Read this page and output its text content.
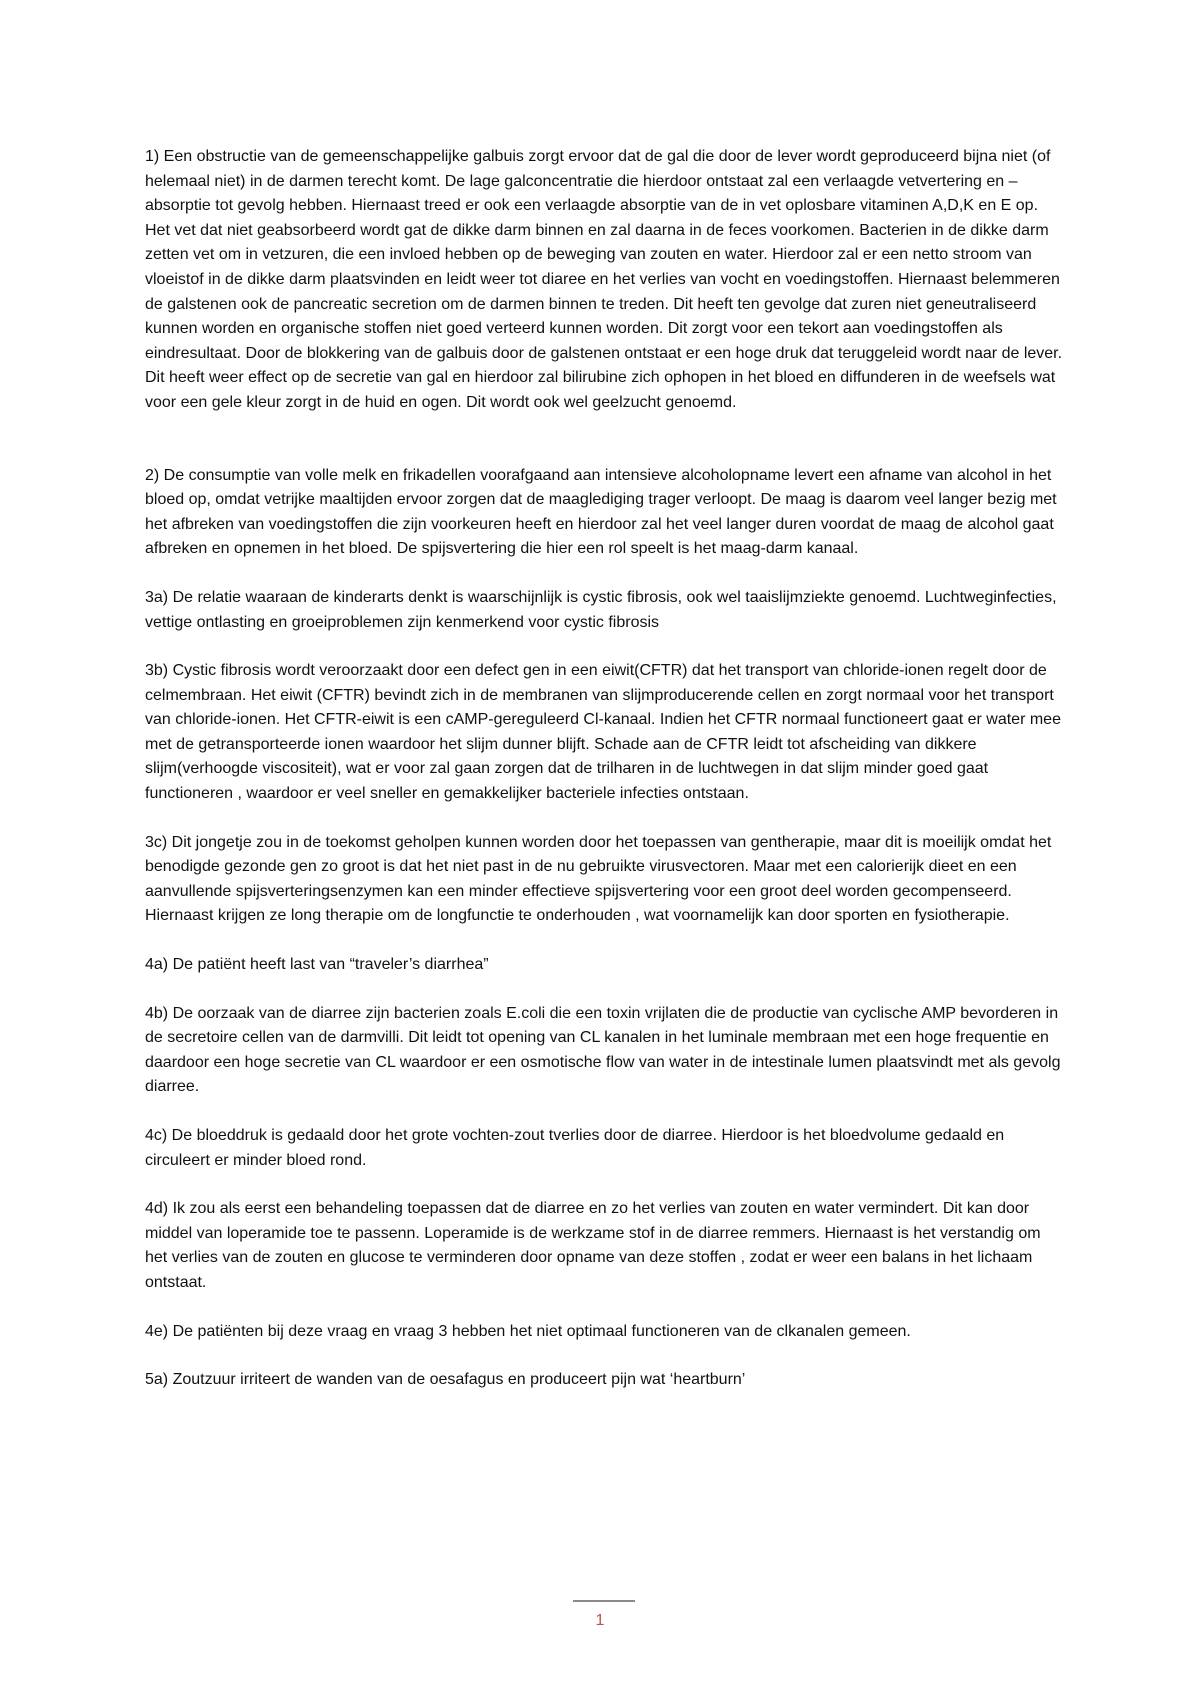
1) Een obstructie van de gemeenschappelijke galbuis zorgt ervoor dat de gal die door de lever wordt geproduceerd bijna niet (of helemaal niet) in de darmen terecht komt. De lage galconcentratie die hierdoor ontstaat zal een verlaagde vetvertering en –absorptie tot gevolg hebben. Hiernaast treed er ook een verlaagde absorptie van de in vet oplosbare vitaminen A,D,K en E op. Het vet dat niet geabsorbeerd wordt gat de dikke darm binnen en zal daarna in de feces voorkomen. Bacterien in de dikke darm zetten vet om in vetzuren, die een invloed hebben op de beweging van zouten en water. Hierdoor zal er een netto stroom van vloeistof in de dikke darm plaatsvinden en leidt weer tot diaree en het verlies van vocht en voedingstoffen. Hiernaast belemmeren de galstenen ook de pancreatic secretion om de darmen binnen te treden. Dit heeft ten gevolge dat zuren niet geneutraliseerd kunnen worden en organische stoffen niet goed verteerd kunnen worden. Dit zorgt voor een tekort aan voedingstoffen als eindresultaat. Door de blokkering van de galbuis door de galstenen ontstaat er een hoge druk dat teruggeleid wordt naar de lever. Dit heeft weer effect op de secretie van gal en hierdoor zal bilirubine zich ophopen in het bloed en diffunderen in de weefsels wat voor een gele kleur zorgt in de huid en ogen. Dit wordt ook wel geelzucht genoemd.

2) De consumptie van volle melk en frikadellen voorafgaand aan intensieve alcoholopname levert een afname van alcohol in het bloed op, omdat vetrijke maaltijden ervoor zorgen dat de maaglediging trager verloopt. De maag is daarom veel langer bezig met het afbreken van voedingstoffen die zijn voorkeuren heeft en hierdoor zal het veel langer duren voordat de maag de alcohol gaat afbreken en opnemen in het bloed. De spijsvertering die hier een rol speelt is het maag-darm kanaal.

3a) De relatie waaraan de kinderarts denkt is waarschijnlijk is cystic fibrosis, ook wel taaislijmziekte genoemd. Luchtweginfecties, vettige ontlasting en groeiproblemen zijn kenmerkend voor cystic fibrosis

3b) Cystic fibrosis wordt veroorzaakt door een defect gen in een eiwit(CFTR) dat het transport van chloride-ionen regelt door de celmembraan. Het eiwit (CFTR) bevindt zich in de membranen van slijmproducerende cellen en zorgt normaal voor het transport van chloride-ionen. Het CFTR-eiwit is een cAMP-gereguleerd Cl-kanaal. Indien het CFTR normaal functioneert gaat er water mee met de getransporteerde ionen waardoor het slijm dunner blijft. Schade aan de CFTR leidt tot afscheiding van dikkere slijm(verhoogde viscositeit), wat er voor zal gaan zorgen dat de trilharen in de luchtwegen in dat slijm minder goed gaat functioneren , waardoor er veel sneller en gemakkelijker bacteriele infecties ontstaan.

3c) Dit jongetje zou in de toekomst geholpen kunnen worden door het toepassen van gentherapie, maar dit is moeilijk omdat het benodigde gezonde gen zo groot is dat het niet past in de nu gebruikte virusvectoren. Maar met een calorierijk dieet en een aanvullende spijsverteringsenzymen kan een minder effectieve spijsvertering voor een groot deel worden gecompenseerd. Hiernaast krijgen ze long therapie om de longfunctie te onderhouden , wat voornamelijk kan door sporten en fysiotherapie.

4a) De patiënt heeft last van “traveler’s diarrhea”

4b) De oorzaak van de diarree zijn bacterien zoals E.coli die een toxin vrijlaten die de productie van cyclische AMP bevorderen in de secretoire cellen van de darmvilli. Dit leidt tot opening van CL kanalen in het luminale membraan met een hoge frequentie en daardoor een hoge secretie van CL waardoor er een osmotische flow van water in de intestinale lumen plaatsvindt met als gevolg diarree.

4c) De bloeddruk is gedaald door het grote vochten-zout tverlies door de diarree. Hierdoor is het bloedvolume gedaald en circuleert er minder bloed rond.

4d) Ik zou als eerst een behandeling toepassen dat de diarree en zo het verlies van zouten en water vermindert. Dit kan door middel van loperamide toe te passenn. Loperamide is de werkzame stof in de diarree remmers. Hiernaast is het verstandig om het verlies van de zouten en glucose te verminderen door opname van deze stoffen , zodat er weer een balans in het lichaam ontstaat.

4e) De patiënten bij deze vraag en vraag 3 hebben het niet optimaal functioneren van de clkanalen gemeen.

5a) Zoutzuur irriteert de wanden van de oesafagus en produceert pijn wat ‘heartburn’

1
